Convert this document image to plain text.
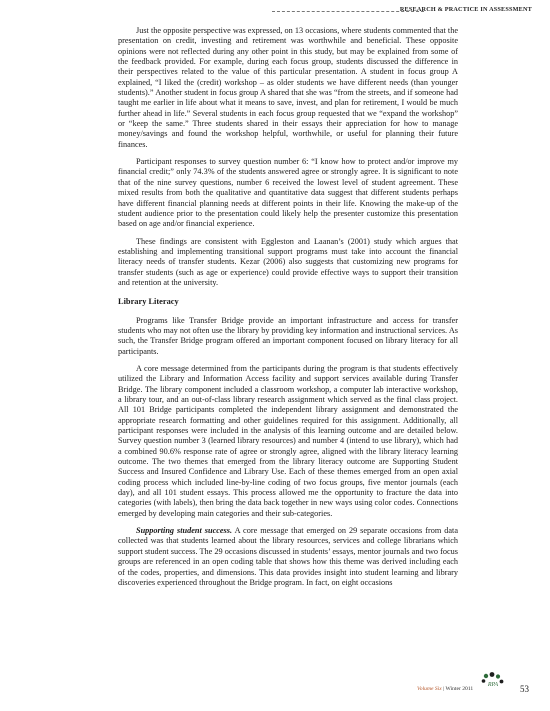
RESEARCH & PRACTICE IN ASSESSMENT

Just the opposite perspective was expressed, on 13 occasions, where students commented that the presentation on credit, investing and retirement was worthwhile and beneficial. These opposite opinions were not reflected during any other point in this study, but may be explained from some of the feedback provided. For example, during each focus group, students discussed the difference in their perspectives related to the value of this particular presentation. A student in focus group A explained, “I liked the (credit) workshop – as older students we have different needs (than younger students).” Another student in focus group A shared that she was “from the streets, and if someone had taught me earlier in life about what it means to save, invest, and plan for retirement, I would be much further ahead in life.” Several students in each focus group requested that we “expand the workshop” or “keep the same.” Three students shared in their essays their appreciation for how to manage money/savings and found the workshop helpful, worthwhile, or useful for planning their future finances.

Participant responses to survey question number 6: “I know how to protect and/or improve my financial credit;” only 74.3% of the students answered agree or strongly agree. It is significant to note that of the nine survey questions, number 6 received the lowest level of student agreement. These mixed results from both the qualitative and quantitative data suggest that different students perhaps have different financial planning needs at different points in their life. Knowing the make-up of the student audience prior to the presentation could likely help the presenter customize this presentation based on age and/or financial experience.

These findings are consistent with Eggleston and Laanan’s (2001) study which argues that establishing and implementing transitional support programs must take into account the financial literacy needs of transfer students. Kezar (2006) also suggests that customizing new programs for transfer students (such as age or experience) could provide effective ways to support their transition and retention at the university.

Library Literacy

Programs like Transfer Bridge provide an important infrastructure and access for transfer students who may not often use the library by providing key information and instructional services. As such, the Transfer Bridge program offered an important component focused on library literacy for all participants.

A core message determined from the participants during the program is that students effectively utilized the Library and Information Access facility and support services available during Transfer Bridge. The library component included a classroom workshop, a computer lab interactive workshop, a library tour, and an out-of-class library research assignment which served as the final class project. All 101 Bridge participants completed the independent library assignment and demonstrated the appropriate research formatting and other guidelines required for this assignment. Additionally, all participant responses were included in the analysis of this learning outcome and are detailed below. Survey question number 3 (learned library resources) and number 4 (intend to use library), which had a combined 90.6% response rate of agree or strongly agree, aligned with the library literacy learning outcome. The two themes that emerged from the library literacy outcome are Supporting Student Success and Insured Confidence and Library Use. Each of these themes emerged from an open axial coding process which included line-by-line coding of two focus groups, five mentor journals (each day), and all 101 student essays. This process allowed me the opportunity to fracture the data into categories (with labels), then bring the data back together in new ways using color codes. Connections emerged by developing main categories and their sub-categories.

Supporting student success. A core message that emerged on 29 separate occasions from data collected was that students learned about the library resources, services and college librarians which support student success. The 29 occasions discussed in students’ essays, mentor journals and two focus groups are referenced in an open coding table that shows how this theme was derived including each of the codes, properties, and dimensions. This data provides insight into student learning and library discoveries experienced throughout the Bridge program. In fact, on eight occasions

Volume Six | Winter 2011
RPA 53
